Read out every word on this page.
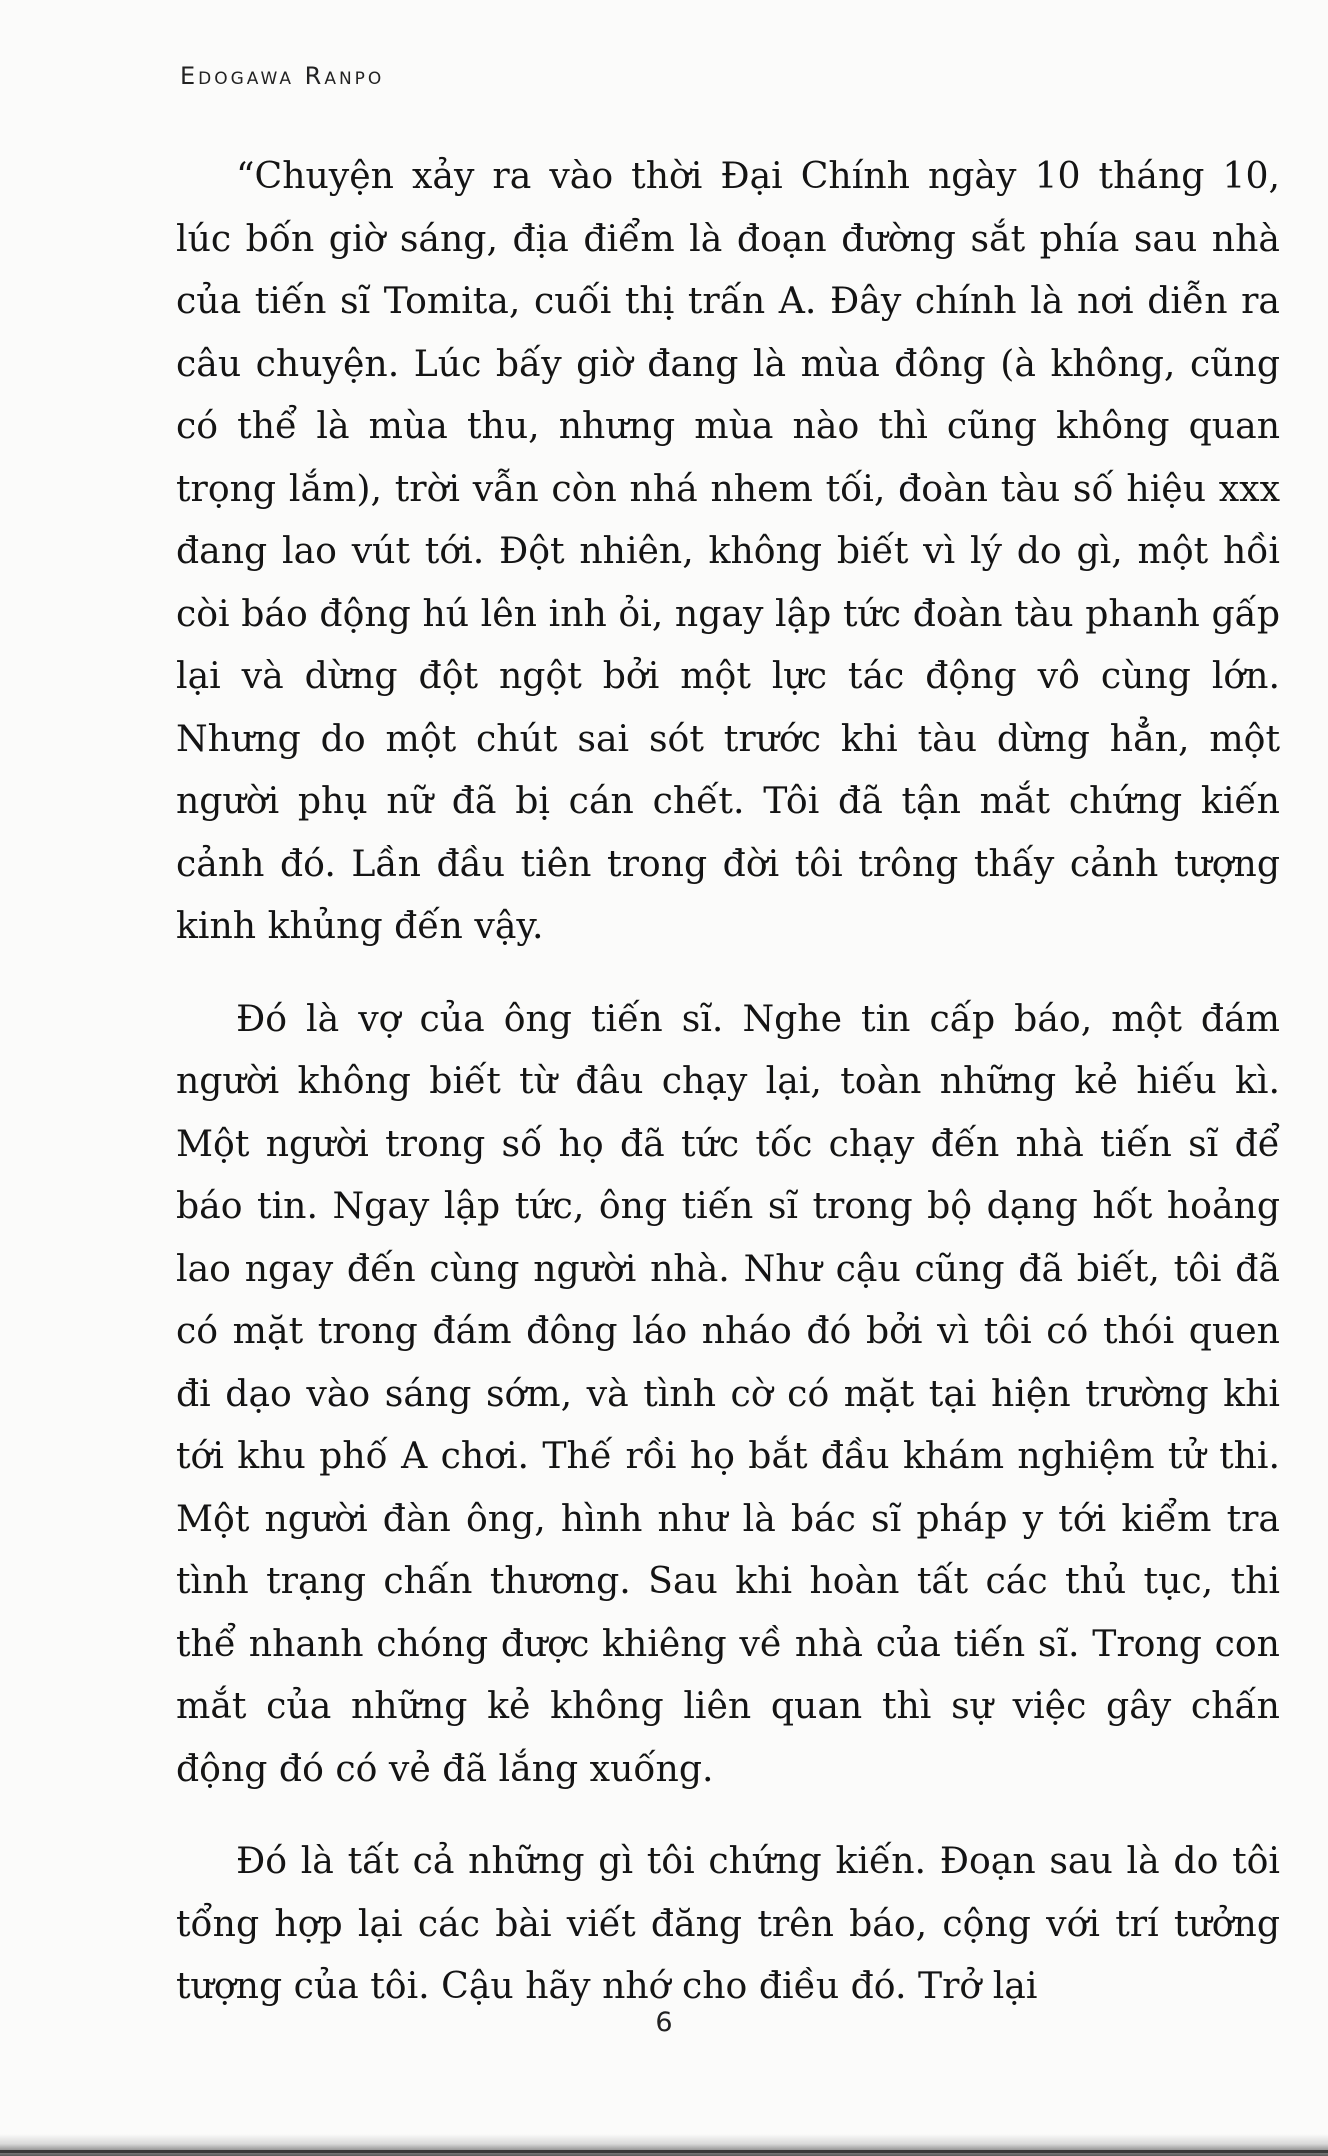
Edogawa Ranpo

“Chuyện xảy ra vào thời Đại Chính ngày 10 tháng 10, lúc bốn giờ sáng, địa điểm là đoạn đường sắt phía sau nhà của tiến sĩ Tomita, cuối thị trấn A. Đây chính là nơi diễn ra câu chuyện. Lúc bấy giờ đang là mùa đông (à không, cũng có thể là mùa thu, nhưng mùa nào thì cũng không quan trọng lắm), trời vẫn còn nhá nhem tối, đoàn tàu số hiệu xxx đang lao vút tới. Đột nhiên, không biết vì lý do gì, một hồi còi báo động hú lên inh ỏi, ngay lập tức đoàn tàu phanh gấp lại và dừng đột ngột bởi một lực tác động vô cùng lớn. Nhưng do một chút sai sót trước khi tàu dừng hẳn, một người phụ nữ đã bị cán chết. Tôi đã tận mắt chứng kiến cảnh đó. Lần đầu tiên trong đời tôi trông thấy cảnh tượng kinh khủng đến vậy.

Đó là vợ của ông tiến sĩ. Nghe tin cấp báo, một đám người không biết từ đâu chạy lại, toàn những kẻ hiếu kì. Một người trong số họ đã tức tốc chạy đến nhà tiến sĩ để báo tin. Ngay lập tức, ông tiến sĩ trong bộ dạng hốt hoảng lao ngay đến cùng người nhà. Như cậu cũng đã biết, tôi đã có mặt trong đám đông láo nháo đó bởi vì tôi có thói quen đi dạo vào sáng sớm, và tình cờ có mặt tại hiện trường khi tới khu phố A chơi. Thế rồi họ bắt đầu khám nghiệm tử thi. Một người đàn ông, hình như là bác sĩ pháp y tới kiểm tra tình trạng chấn thương. Sau khi hoàn tất các thủ tục, thi thể nhanh chóng được khiêng về nhà của tiến sĩ. Trong con mắt của những kẻ không liên quan thì sự việc gây chấn động đó có vẻ đã lắng xuống.

Đó là tất cả những gì tôi chứng kiến. Đoạn sau là do tôi tổng hợp lại các bài viết đăng trên báo, cộng với trí tưởng tượng của tôi. Cậu hãy nhớ cho điều đó. Trở lại

6
